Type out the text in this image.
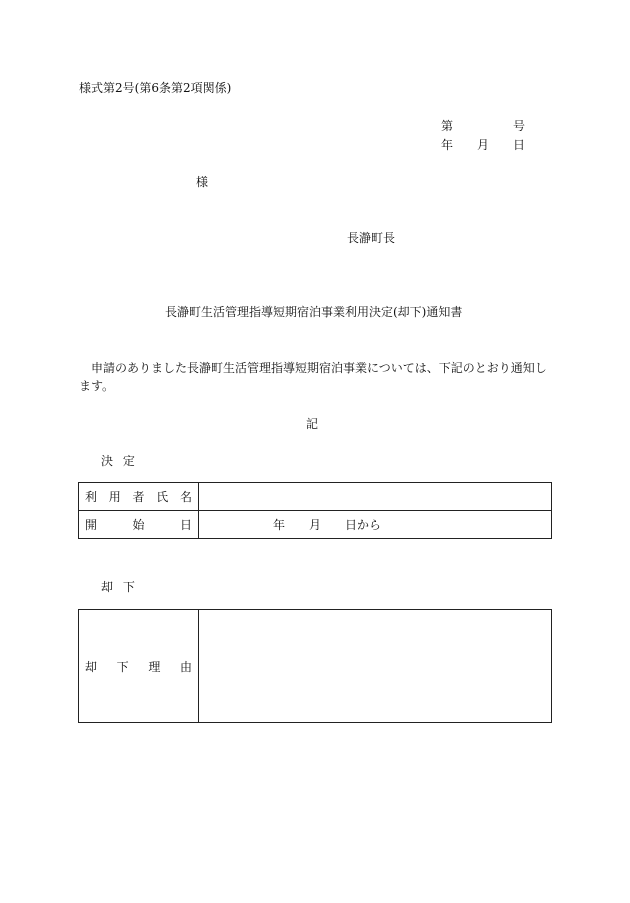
様式第2号(第6条第2項関係)
第	号
年 月 日
様
長瀞町長
長瀞町生活管理指導短期宿泊事業利用決定(却下)通知書
申請のありました長瀞町生活管理指導短期宿泊事業については、下記のとおり通知します。
記
決 定
利 用 者 氏 名	

開 始 日	年 月 日から
却 下
却 下 理 由
